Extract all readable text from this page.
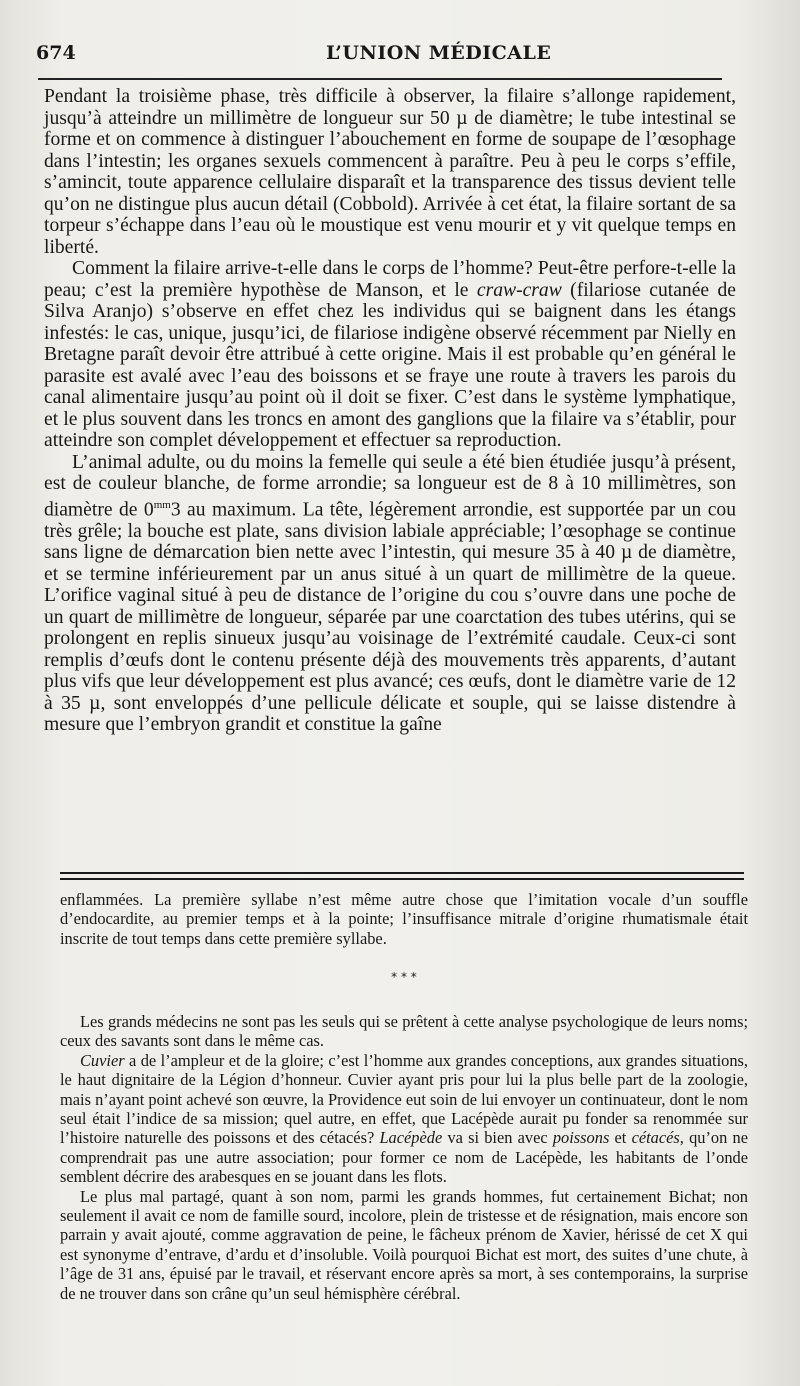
674	L’UNION MÉDICALE

Pendant la troisième phase, très difficile à observer, la filaire s’allonge rapidement, jusqu’à atteindre un millimètre de longueur sur 50 µ de diamètre; le tube intestinal se forme et on commence à distinguer l’abouchement en forme de soupape de l’œsophage dans l’intestin; les organes sexuels commencent à paraître. Peu à peu le corps s’effile, s’amincit, toute apparence cellulaire disparaît et la transparence des tissus devient telle qu’on ne distingue plus aucun détail (Cobbold). Arrivée à cet état, la filaire sortant de sa torpeur s’échappe dans l’eau où le moustique est venu mourir et y vit quelque temps en liberté.

Comment la filaire arrive-t-elle dans le corps de l’homme? Peut-être perfore-t-elle la peau; c’est la première hypothèse de Manson, et le craw-craw (filariose cutanée de Silva Aranjo) s’observe en effet chez les individus qui se baignent dans les étangs infestés: le cas, unique, jusqu’ici, de filariose indigène observé récemment par Nielly en Bretagne paraît devoir être attribué à cette origine. Mais il est probable qu’en général le parasite est avalé avec l’eau des boissons et se fraye une route à travers les parois du canal alimentaire jusqu’au point où il doit se fixer. C’est dans le système lymphatique, et le plus souvent dans les troncs en amont des ganglions que la filaire va s’établir, pour atteindre son complet développement et effectuer sa reproduction.

L’animal adulte, ou du moins la femelle qui seule a été bien étudiée jusqu’à présent, est de couleur blanche, de forme arrondie; sa longueur est de 8 à 10 millimètres, son diamètre de $0^{mm}3$ au maximum. La tête, légèrement arrondie, est supportée par un cou très grêle; la bouche est plate, sans division labiale appréciable; l’œsophage se continue sans ligne de démarcation bien nette avec l’intestin, qui mesure 35 à 40 µ de diamètre, et se termine inférieurement par un anus situé à un quart de millimètre de la queue. L’orifice vaginal situé à peu de distance de l’origine du cou s’ouvre dans une poche de un quart de millimètre de longueur, séparée par une coarctation des tubes utérins, qui se prolongent en replis sinueux jusqu’au voisinage de l’extrémité caudale. Ceux-ci sont remplis d’œufs dont le contenu présente déjà des mouvements très apparents, d’autant plus vifs que leur développement est plus avancé; ces œufs, dont le diamètre varie de 12 à 35 µ, sont enveloppés d’une pellicule délicate et souple, qui se laisse distendre à mesure que l’embryon grandit et constitue la gaîne

enflammées. La première syllabe n’est même autre chose que l’imitation vocale d’un souffle d’endocardite, au premier temps et à la pointe; l’insuffisance mitrale d’origine rhumatismale était inscrite de tout temps dans cette première syllabe.

* * *

Les grands médecins ne sont pas les seuls qui se prêtent à cette analyse psychologique de leurs noms; ceux des savants sont dans le même cas.

Cuvier a de l’ampleur et de la gloire; c’est l’homme aux grandes conceptions, aux grandes situations, le haut dignitaire de la Légion d’honneur. Cuvier ayant pris pour lui la plus belle part de la zoologie, mais n’ayant point achevé son œuvre, la Providence eut soin de lui envoyer un continuateur, dont le nom seul était l’indice de sa mission; quel autre, en effet, que Lacépède aurait pu fonder sa renommée sur l’histoire naturelle des poissons et des cétacés? Lacépède va si bien avec poissons et cétacés, qu’on ne comprendrait pas une autre association; pour former ce nom de Lacépède, les habitants de l’onde semblent décrire des arabesques en se jouant dans les flots.

Le plus mal partagé, quant à son nom, parmi les grands hommes, fut certainement Bichat; non seulement il avait ce nom de famille sourd, incolore, plein de tristesse et de résignation, mais encore son parrain y avait ajouté, comme aggravation de peine, le fâcheux prénom de Xavier, hérissé de cet X qui est synonyme d’entrave, d’ardu et d’insoluble. Voilà pourquoi Bichat est mort, des suites d’une chute, à l’âge de 31 ans, épuisé par le travail, et réservant encore après sa mort, à ses contemporains, la surprise de ne trouver dans son crâne qu’un seul hémisphère cérébral.
